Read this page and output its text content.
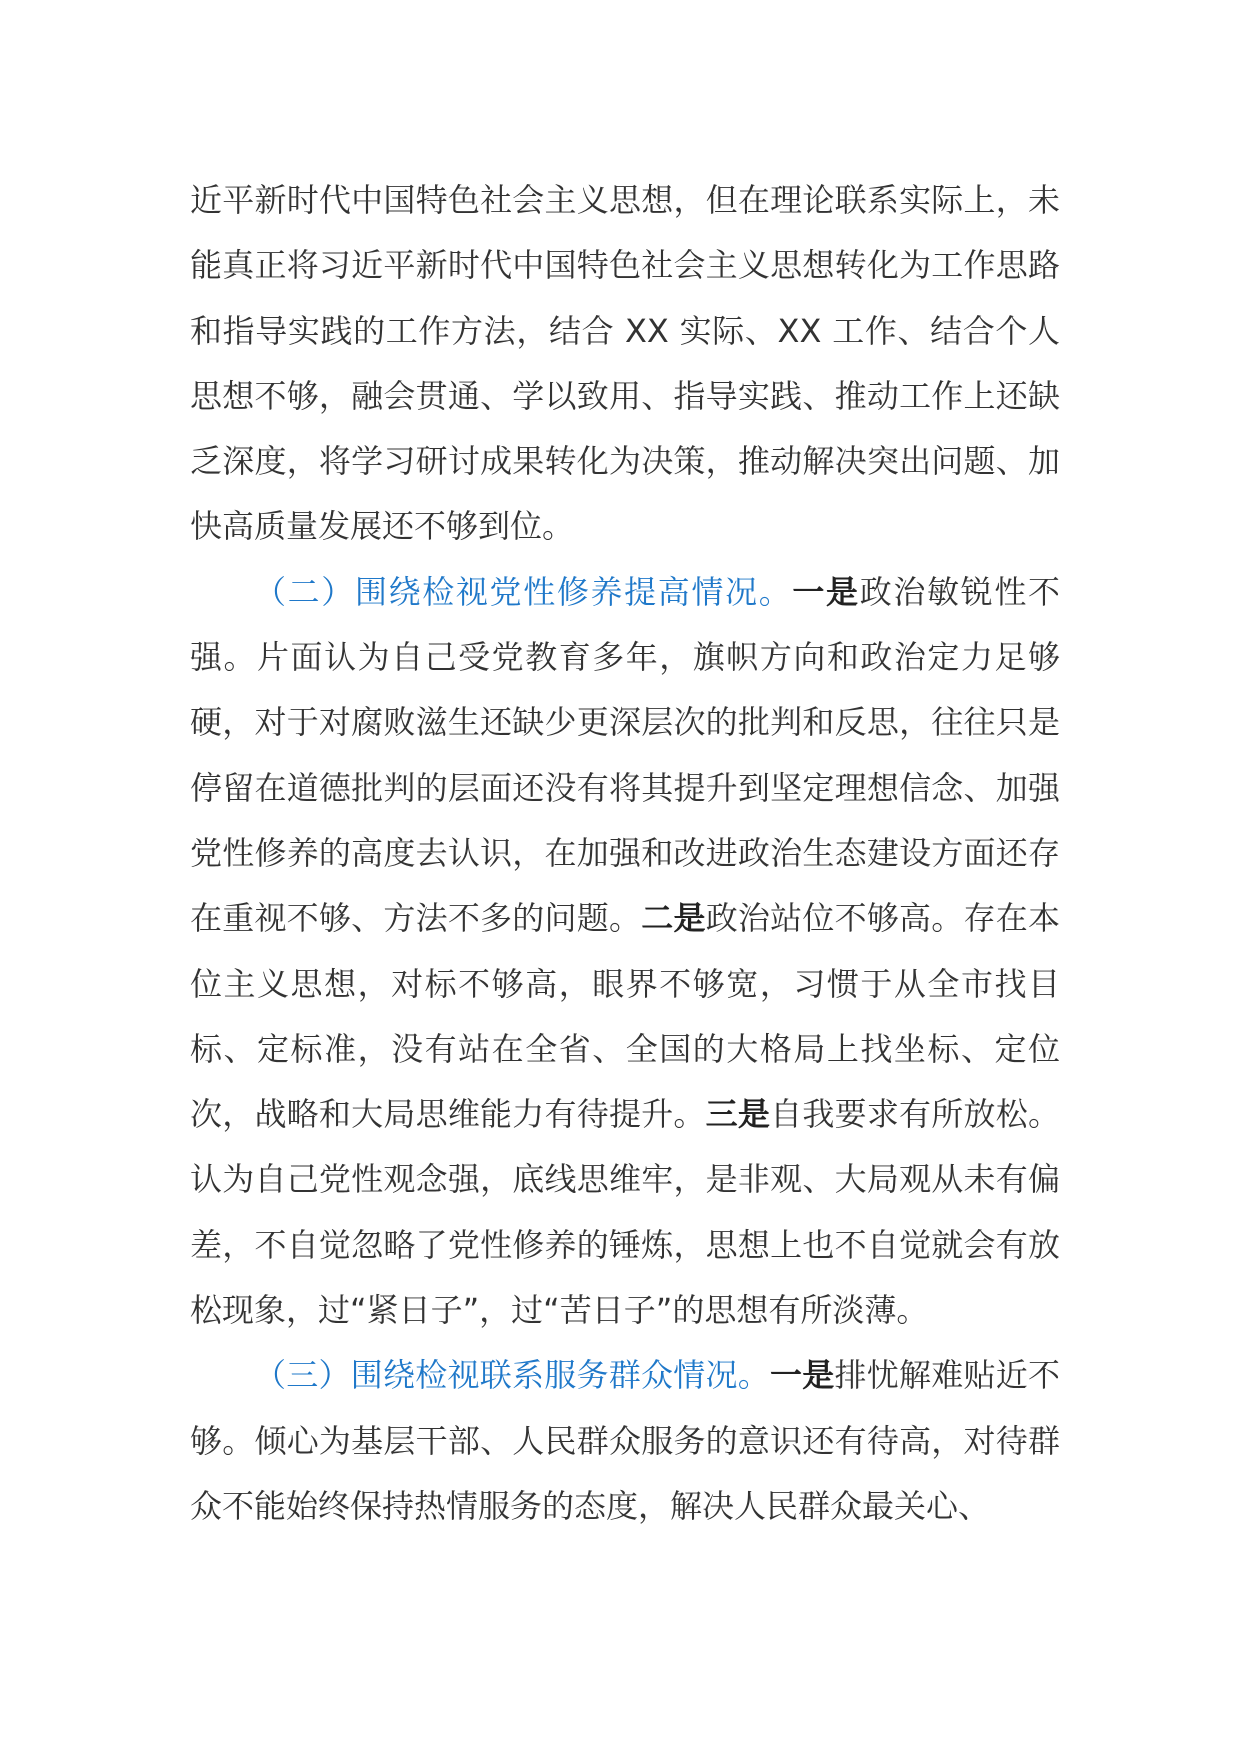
近平新时代中国特色社会主义思想，但在理论联系实际上，未能真正将习近平新时代中国特色社会主义思想转化为工作思路和指导实践的工作方法，结合 XX 实际、XX 工作、结合个人思想不够，融会贯通、学以致用、指导实践、推动工作上还缺乏深度，将学习研讨成果转化为决策，推动解决突出问题、加快高质量发展还不够到位。

（二）围绕检视党性修养提高情况。一是政治敏锐性不强。片面认为自己受党教育多年，旗帜方向和政治定力足够硬，对于对腐败滋生还缺少更深层次的批判和反思，往往只是停留在道德批判的层面还没有将其提升到坚定理想信念、加强党性修养的高度去认识，在加强和改进政治生态建设方面还存在重视不够、方法不多的问题。二是政治站位不够高。存在本位主义思想，对标不够高，眼界不够宽，习惯于从全市找目标、定标准，没有站在全省、全国的大格局上找坐标、定位次，战略和大局思维能力有待提升。三是自我要求有所放松。认为自己党性观念强，底线思维牢，是非观、大局观从未有偏差，不自觉忽略了党性修养的锤炼，思想上也不自觉就会有放松现象，过“紧日子”，过“苦日子”的思想有所淡薄。

（三）围绕检视联系服务群众情况。一是排忧解难贴近不够。倾心为基层干部、人民群众服务的意识还有待高，对待群众不能始终保持热情服务的态度，解决人民群众最关心、
